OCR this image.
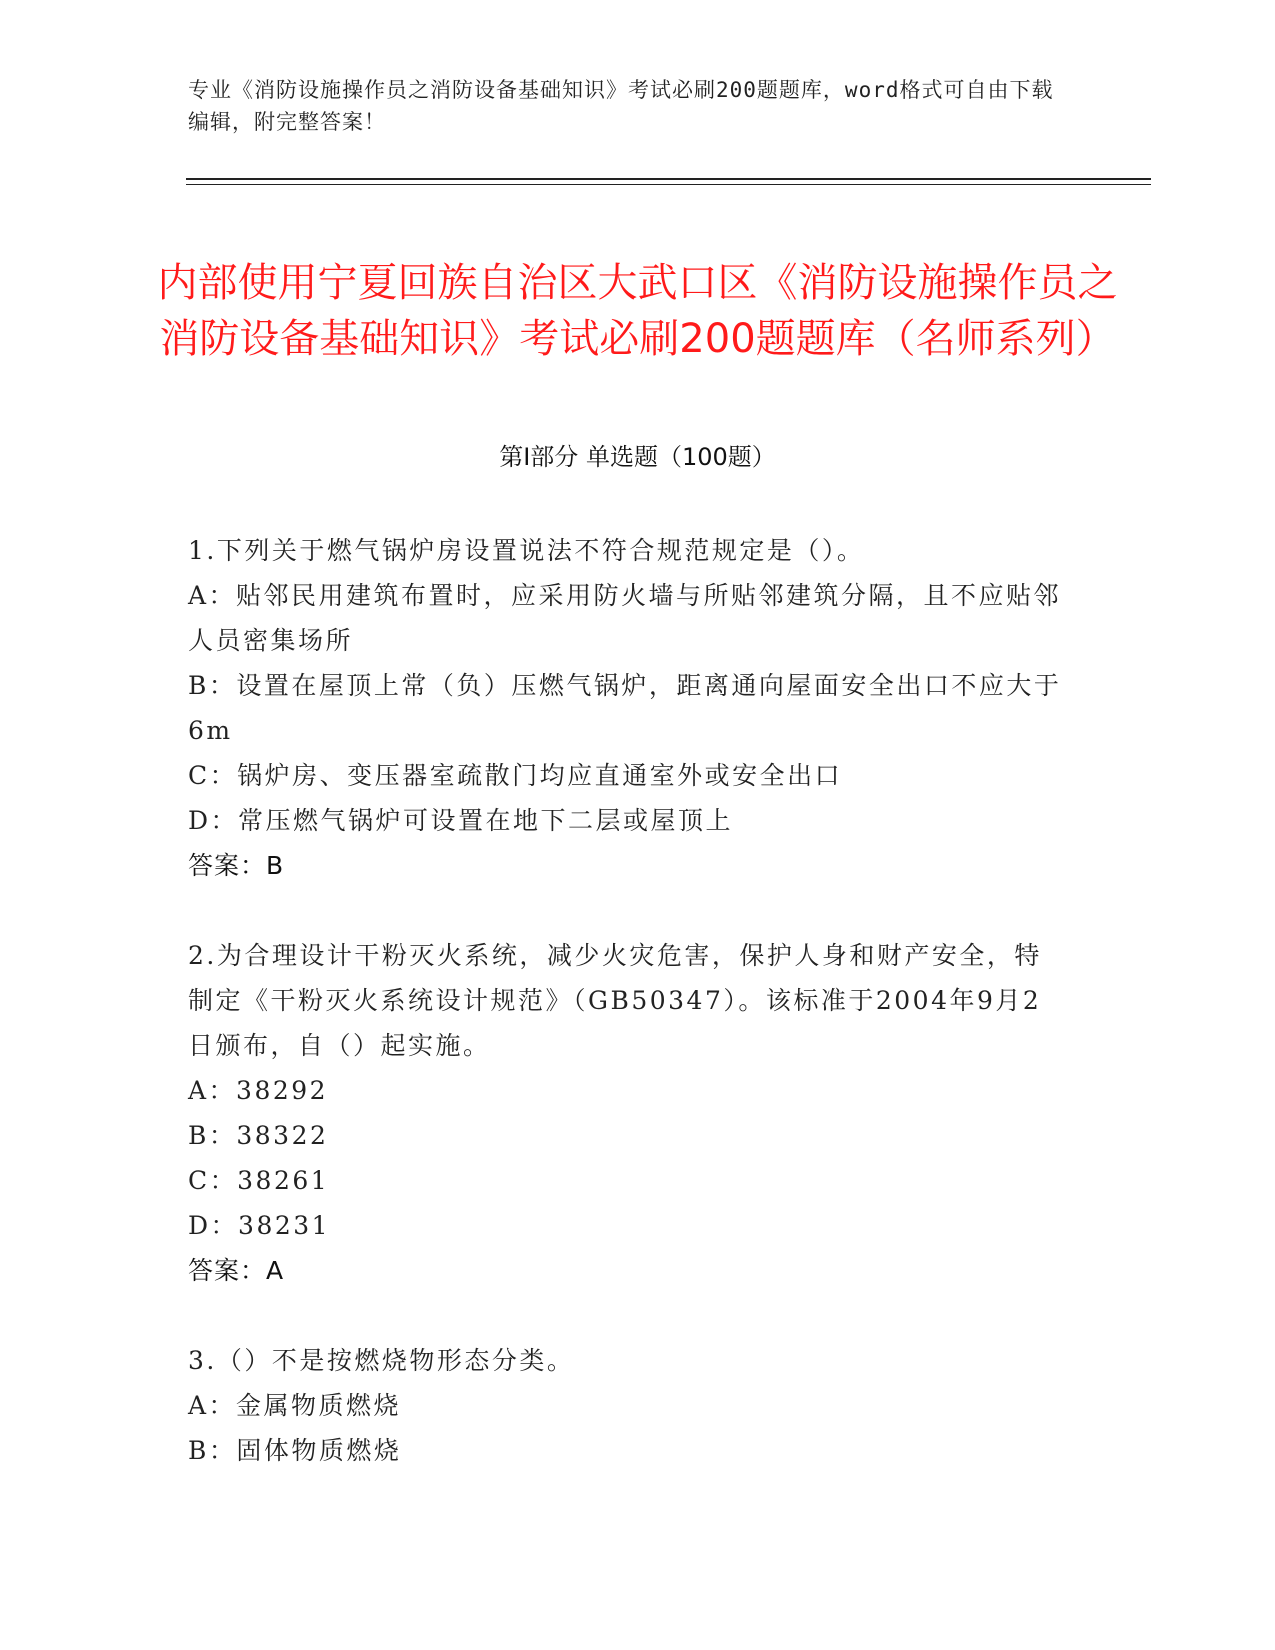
专业《消防设施操作员之消防设备基础知识》考试必刷200题题库，word格式可自由下载编辑，附完整答案！
内部使用宁夏回族自治区大武口区《消防设施操作员之消防设备基础知识》考试必刷200题题库（名师系列）
第Ⅰ部分 单选题（100题）
1.下列关于燃气锅炉房设置说法不符合规范规定是（）。
A：贴邻民用建筑布置时，应采用防火墙与所贴邻建筑分隔，且不应贴邻人员密集场所
B：设置在屋顶上常（负）压燃气锅炉，距离通向屋面安全出口不应大于6m
C：锅炉房、变压器室疏散门均应直通室外或安全出口
D：常压燃气锅炉可设置在地下二层或屋顶上
答案：B
2.为合理设计干粉灭火系统，减少火灾危害，保护人身和财产安全，特制定《干粉灭火系统设计规范》（GB50347）。该标准于2004年9月2日颁布，自（）起实施。
A：38292
B：38322
C：38261
D：38231
答案：A
3.（）不是按燃烧物形态分类。
A：金属物质燃烧
B：固体物质燃烧
